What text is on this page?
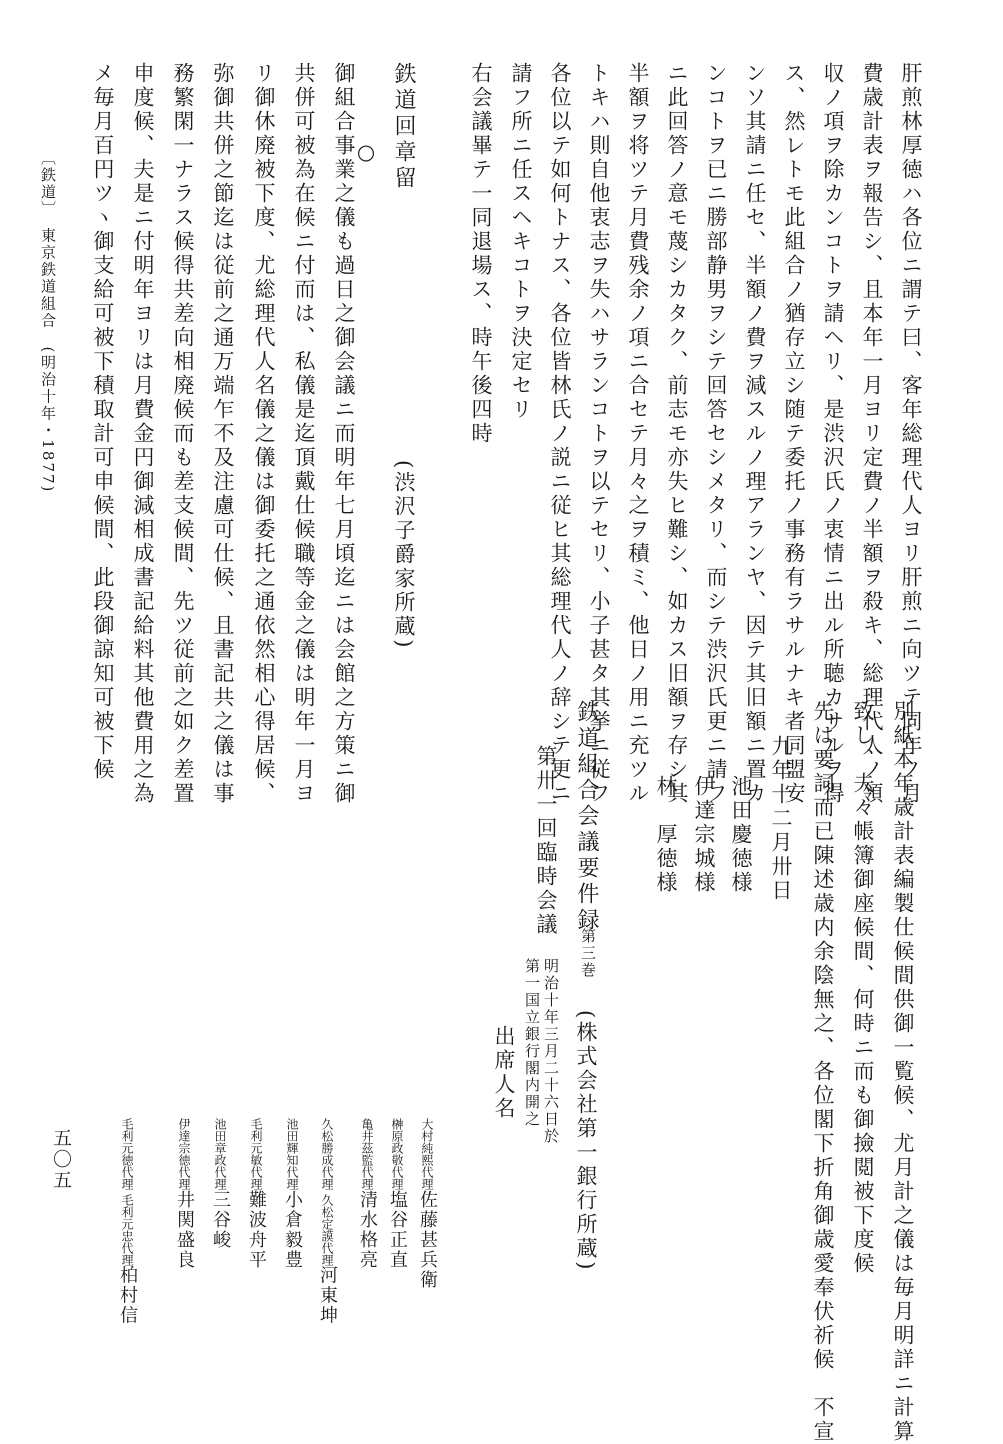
〔鉄道〕　東京鉄道組合　(明治十年・1877) メ毎月百円ツヽ御支給可被下積取計可申候間、此段御諒知可被下候 申度候、夫是ニ付明年ヨリは月費金円御減相成書記給料其他費用之為 務繁閑一ナラス候得共差向相廃候而も差支候間、先ツ従前之如ク差置 弥御共併之節迄は従前之通万端乍不及注慮可仕候、且書記共之儀は事 リ御休廃被下度、尤総理代人名儀之儀は御委托之通依然相心得居候、 共併可被為在候ニ付而は、私儀是迄頂戴仕候職等金之儀は明年一月ヨ 御組合事業之儀も過日之御会議ニ而明年七月頃迄ニは会館之方策ニ御
○ 鉄道回章留
(渋沢子爵家所蔵)
右会議畢テ一同退場ス、時午後四時 請フ所ニ任スヘキコトヲ決定セリ 各位以テ如何トナス、各位皆林氏ノ説ニ従ヒ其総理代人ノ辞シテ更ニ トキハ則自他衷志ヲ失ハサランコトヲ以テセリ、小子甚タ其挙ニ従フ 半額ヲ将ツテ月費残余ノ項ニ合セテ月々之ヲ積ミ、他日ノ用ニ充ツル ニ此回答ノ意モ蔑シカタク、前志モ亦失ヒ難シ、如カス旧額ヲ存シ其 ンコトヲ已ニ勝部静男ヲシテ回答セシメタリ、而シテ渋沢氏更ニ請フ ンソ其請ニ任セ、半額ノ費ヲ減スルノ理アランヤ、因テ其旧額ニ置カ ス、然レトモ此組合ノ猶存立シ随テ委托ノ事務有ラサルナキ者同盟安 収ノ項ヲ除カンコトヲ請ヘリ、是渋沢氏ノ衷情ニ出ル所聴カサルヲ得 費歳計表ヲ報告シ、且本年一月ヨリ定費ノ半額ヲ殺キ、総理代人ノ領 肝煎林厚徳ハ各位ニ謂テ曰、客年総理代人ヨリ肝煎ニ向ツテ同年ノ月
先は要詞而已陳述歳内余陰無之、各位閣下折角御歳愛奉伏祈候　不宣 致し、夫々帳簿御座候間、何時ニ而も御撿閲被下度候 別紙本年歳計表編製仕候間供御一覧候、尤月計之儀は毎月明詳ニ計算
九年十二月卅日
池田慶徳様
伊達宗城様
林　厚徳様
鉄道組合会議要件録
第三巻
(株式会社第一銀行所蔵)
第卅一回臨時会議
明治十年三月二十六日於
第一国立銀行閣内開之
出席人名
大村純熙代理佐藤甚兵衛
榊原政敬代理塩谷正直
亀井茲監代理清水格亮
久松勝成代理 久松定謨代理河東坤
池田輝知代理小倉毅豊
毛利元敏代理難波舟平
池田章政代理三谷峻
伊達宗徳代理井関盛良
毛利元徳代理 毛利元忠代理柏村信
五〇五
